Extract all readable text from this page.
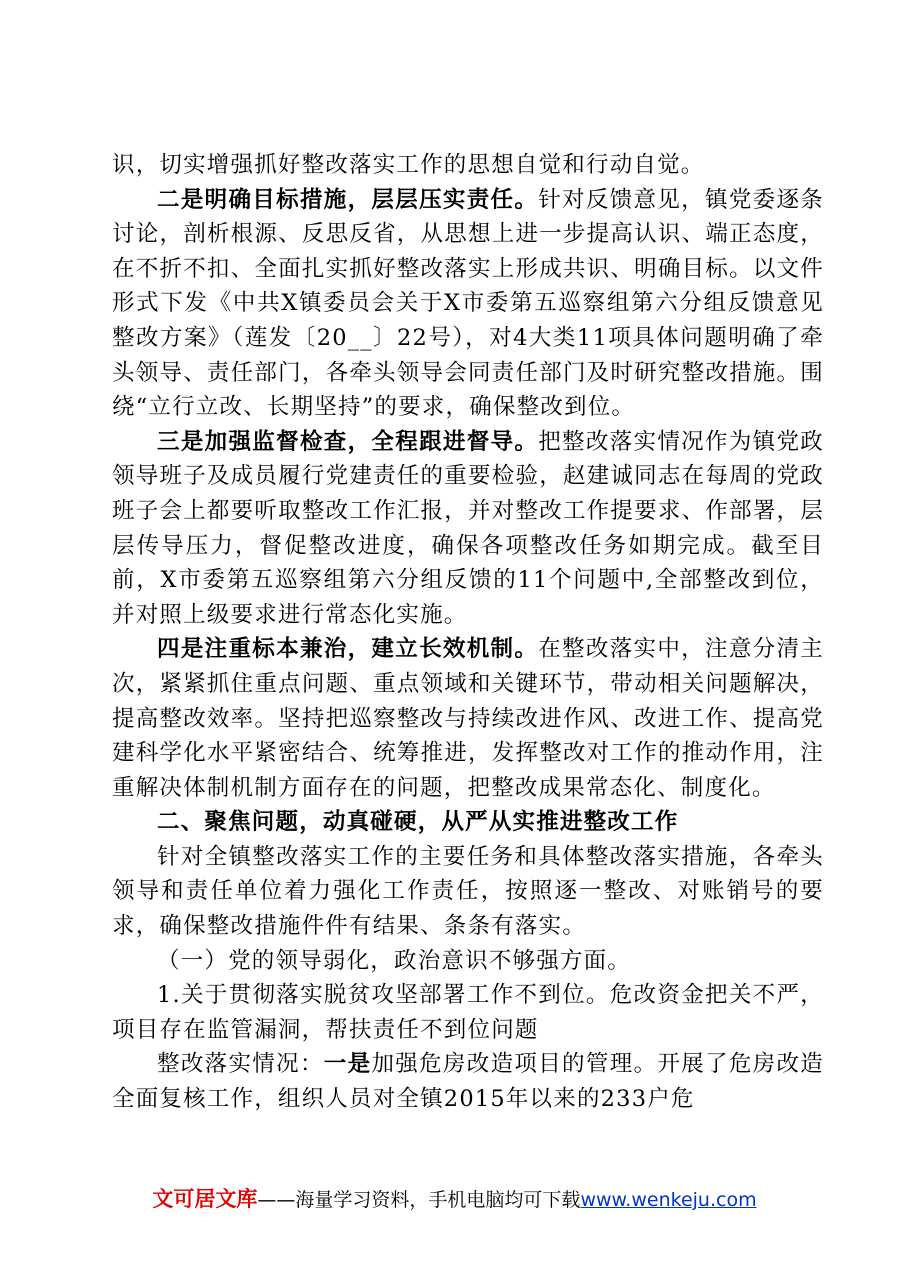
识，切实增强抓好整改落实工作的思想自觉和行动自觉。

二是明确目标措施，层层压实责任。针对反馈意见，镇党委逐条讨论，剖析根源、反思反省，从思想上进一步提高认识、端正态度，在不折不扣、全面扎实抓好整改落实上形成共识、明确目标。以文件形式下发《中共X镇委员会关于X市委第五巡察组第六分组反馈意见整改方案》（莲发〔20__〕22号），对4大类11项具体问题明确了牵头领导、责任部门，各牵头领导会同责任部门及时研究整改措施。围绕“立行立改、长期坚持”的要求，确保整改到位。

三是加强监督检查，全程跟进督导。把整改落实情况作为镇党政领导班子及成员履行党建责任的重要检验，赵建诚同志在每周的党政班子会上都要听取整改工作汇报，并对整改工作提要求、作部署，层层传导压力，督促整改进度，确保各项整改任务如期完成。截至目前，X市委第五巡察组第六分组反馈的11个问题中,全部整改到位，并对照上级要求进行常态化实施。

四是注重标本兼治，建立长效机制。在整改落实中，注意分清主次，紧紧抓住重点问题、重点领域和关键环节，带动相关问题解决，提高整改效率。坚持把巡察整改与持续改进作风、改进工作、提高党建科学化水平紧密结合、统筹推进，发挥整改对工作的推动作用，注重解决体制机制方面存在的问题，把整改成果常态化、制度化。

二、聚焦问题，动真碰硬，从严从实推进整改工作

针对全镇整改落实工作的主要任务和具体整改落实措施，各牵头领导和责任单位着力强化工作责任，按照逐一整改、对账销号的要求，确保整改措施件件有结果、条条有落实。

（一）党的领导弱化，政治意识不够强方面。

1.关于贯彻落实脱贫攻坚部署工作不到位。危改资金把关不严，项目存在监管漏洞，帮扶责任不到位问题

整改落实情况：一是加强危房改造项目的管理。开展了危房改造全面复核工作，组织人员对全镇2015年以来的233户危

文可居文库——海量学习资料，手机电脑均可下载www.wenkeju.com
